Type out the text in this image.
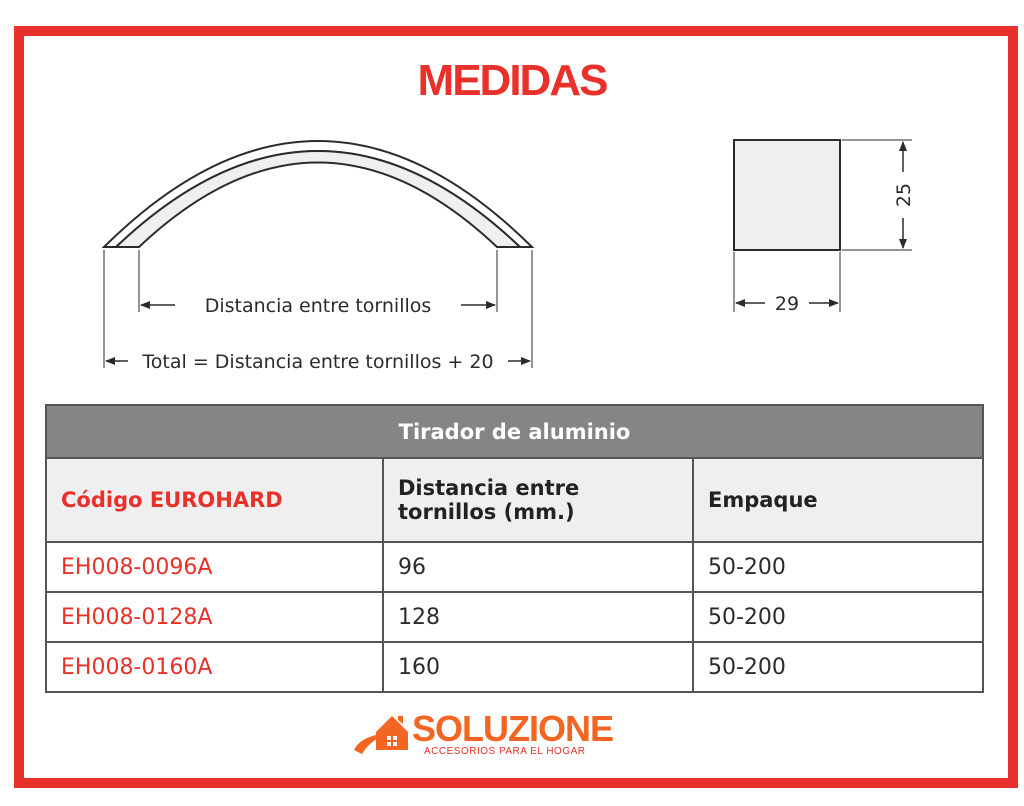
MEDIDAS
Distancia entre tornillos
Total = Distancia entre tornillos + 20
25
29
Tirador de aluminio		
Código EUROHARD	Distancia entre tornillos (mm.)	Empaque
EH008-0096A	96	50-200
EH008-0128A	128	50-200
EH008-0160A	160	50-200
SOLUZIONE
ACCESORIOS PARA EL HOGAR
